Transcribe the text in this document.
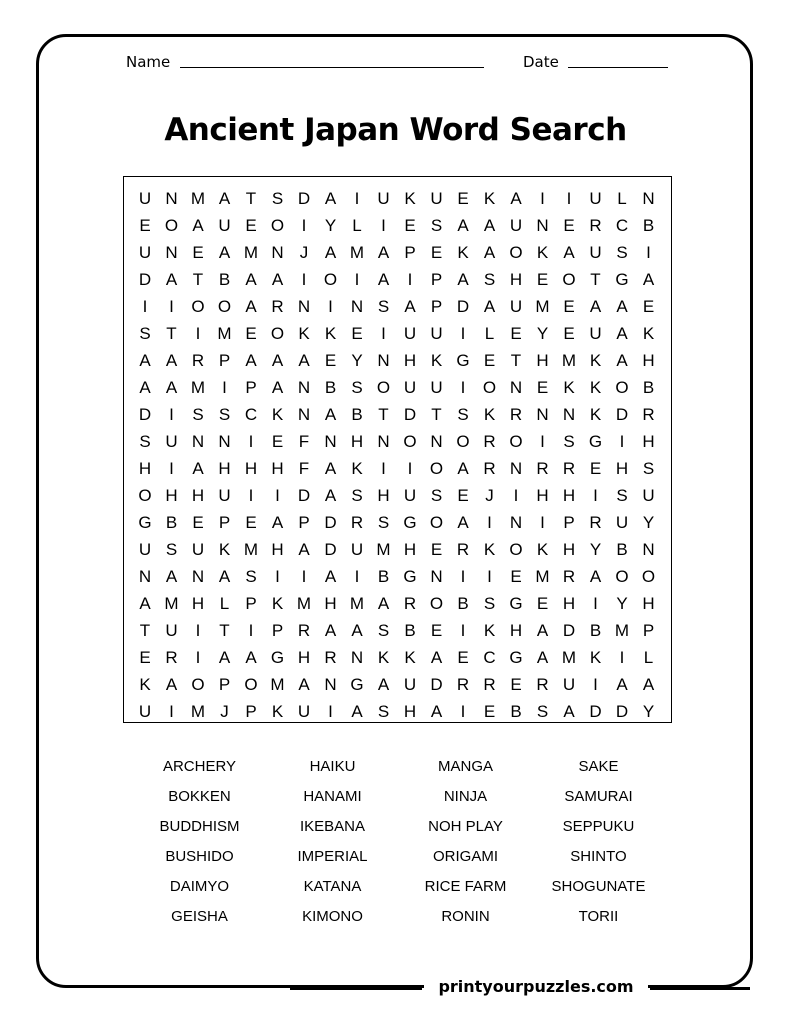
Name	Date
Ancient Japan Word Search
U N M A T S D A	I	U K U E K A	I	I	U L N
E O A U E O	I	Y L	I	E S A A U N E R C B
U N E A M N J A M A P E K A O K A U S	I
D A T B A A	I	O	I	A	I	P A S H E O T G A
I	I	O O A R N	I	N S A P D A U M E A A E
S T	I	M E O K K E	I	U U	I	L E Y E U A K
A A R P A A A E Y N H K G E T H M K A H
A A M	I	P A N B S O U U	I	O N E K K O B
D	I	S S C K N A B T D T S K R N N K D R
S U N N	I	E F N H N O N O R O	I	S G	I	H
H	I	A H H H F A K	I	I	O A R N R R E H S
O H H U	I	I	D A S H U S E J	I	H H	I	S U
G B E P E A P D R S G O A	I	N	I	P R U Y
U S U K M H A D U M H E R K O K H Y B N
N A N A S	I	I	A	I	B G N	I	I	E M R A O O
A M H L P K M H M A R O B S G E H	I	Y H
T U	I	T	I	P R A A S B E	I	K H A D B M P
E R	I	A A G H R N K K A E C G A M K	I	L
K A O P O M A N G A U D R R E R U	I	A A
U	I	M J P K U	I	A S H A	I	E B S A D D Y
ARCHERY	HAIKU	MANGA	SAKE
BOKKEN	HANAMI	NINJA	SAMURAI
BUDDHISM	IKEBANA	NOH PLAY	SEPPUKU
BUSHIDO	IMPERIAL	ORIGAMI	SHINTO
DAIMYO	KATANA	RICE FARM	SHOGUNATE
GEISHA	KIMONO	RONIN	TORII
printyourpuzzles.com
